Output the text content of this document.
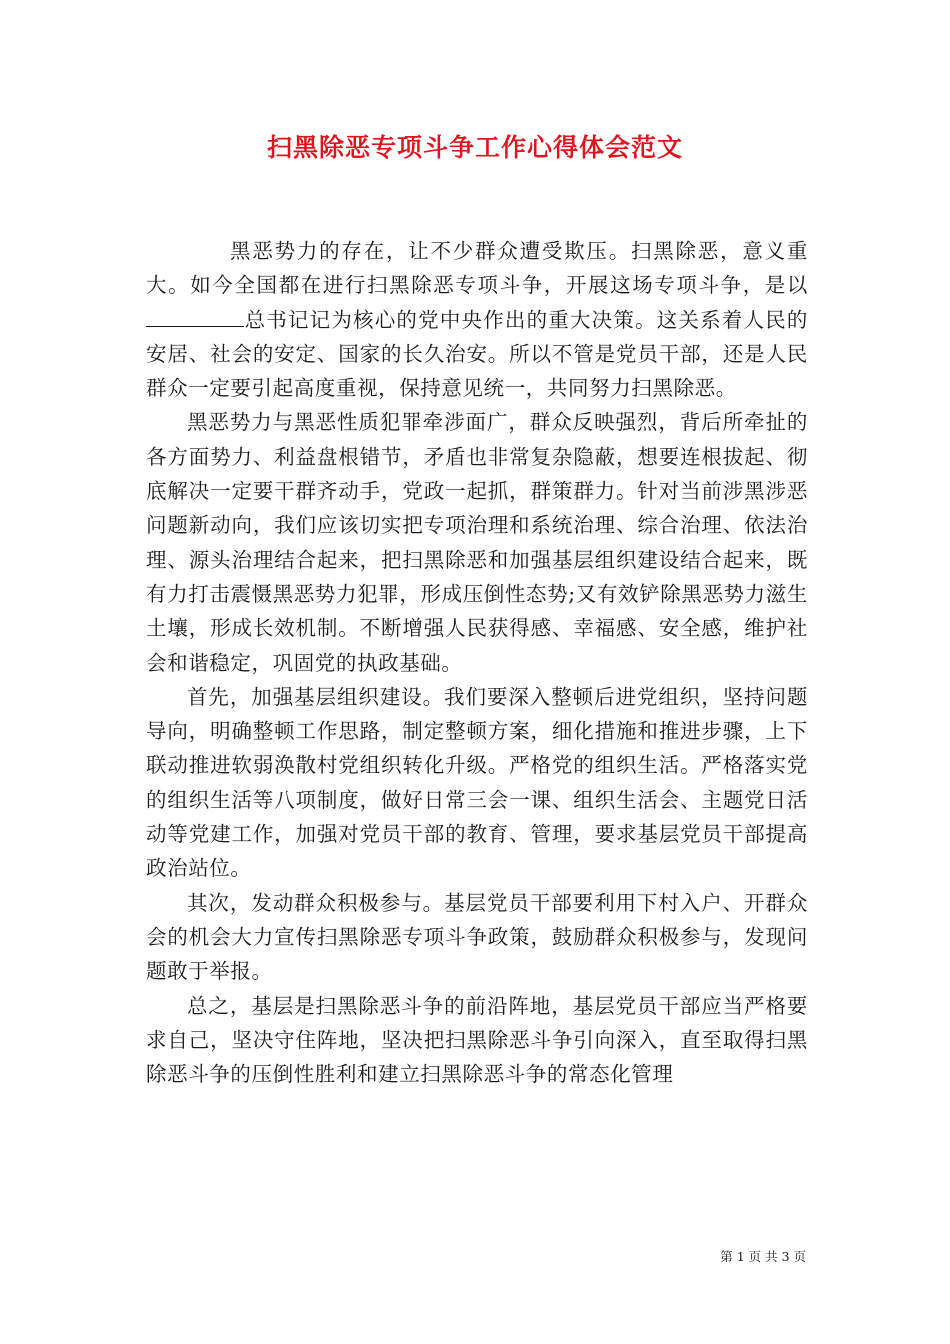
扫黑除恶专项斗争工作心得体会范文

黑恶势力的存在，让不少群众遭受欺压。扫黑除恶，意义重大。如今全国都在进行扫黑除恶专项斗争，开展这场专项斗争，是以总书记记为核心的党中央作出的重大决策。这关系着人民的安居、社会的安定、国家的长久治安。所以不管是党员干部，还是人民群众一定要引起高度重视，保持意见统一，共同努力扫黑除恶。

黑恶势力与黑恶性质犯罪牵涉面广，群众反映强烈，背后所牵扯的各方面势力、利益盘根错节，矛盾也非常复杂隐蔽，想要连根拔起、彻底解决一定要干群齐动手，党政一起抓，群策群力。针对当前涉黑涉恶问题新动向，我们应该切实把专项治理和系统治理、综合治理、依法治理、源头治理结合起来，把扫黑除恶和加强基层组织建设结合起来，既有力打击震慑黑恶势力犯罪，形成压倒性态势;又有效铲除黑恶势力滋生土壤，形成长效机制。不断增强人民获得感、幸福感、安全感，维护社会和谐稳定，巩固党的执政基础。

首先，加强基层组织建设。我们要深入整顿后进党组织，坚持问题导向，明确整顿工作思路，制定整顿方案，细化措施和推进步骤，上下联动推进软弱涣散村党组织转化升级。严格党的组织生活。严格落实党的组织生活等八项制度，做好日常三会一课、组织生活会、主题党日活动等党建工作，加强对党员干部的教育、管理，要求基层党员干部提高政治站位。

其次，发动群众积极参与。基层党员干部要利用下村入户、开群众会的机会大力宣传扫黑除恶专项斗争政策，鼓励群众积极参与，发现问题敢于举报。

总之，基层是扫黑除恶斗争的前沿阵地，基层党员干部应当严格要求自己，坚决守住阵地，坚决把扫黑除恶斗争引向深入，直至取得扫黑除恶斗争的压倒性胜利和建立扫黑除恶斗争的常态化管理

第 1 页 共 3 页
